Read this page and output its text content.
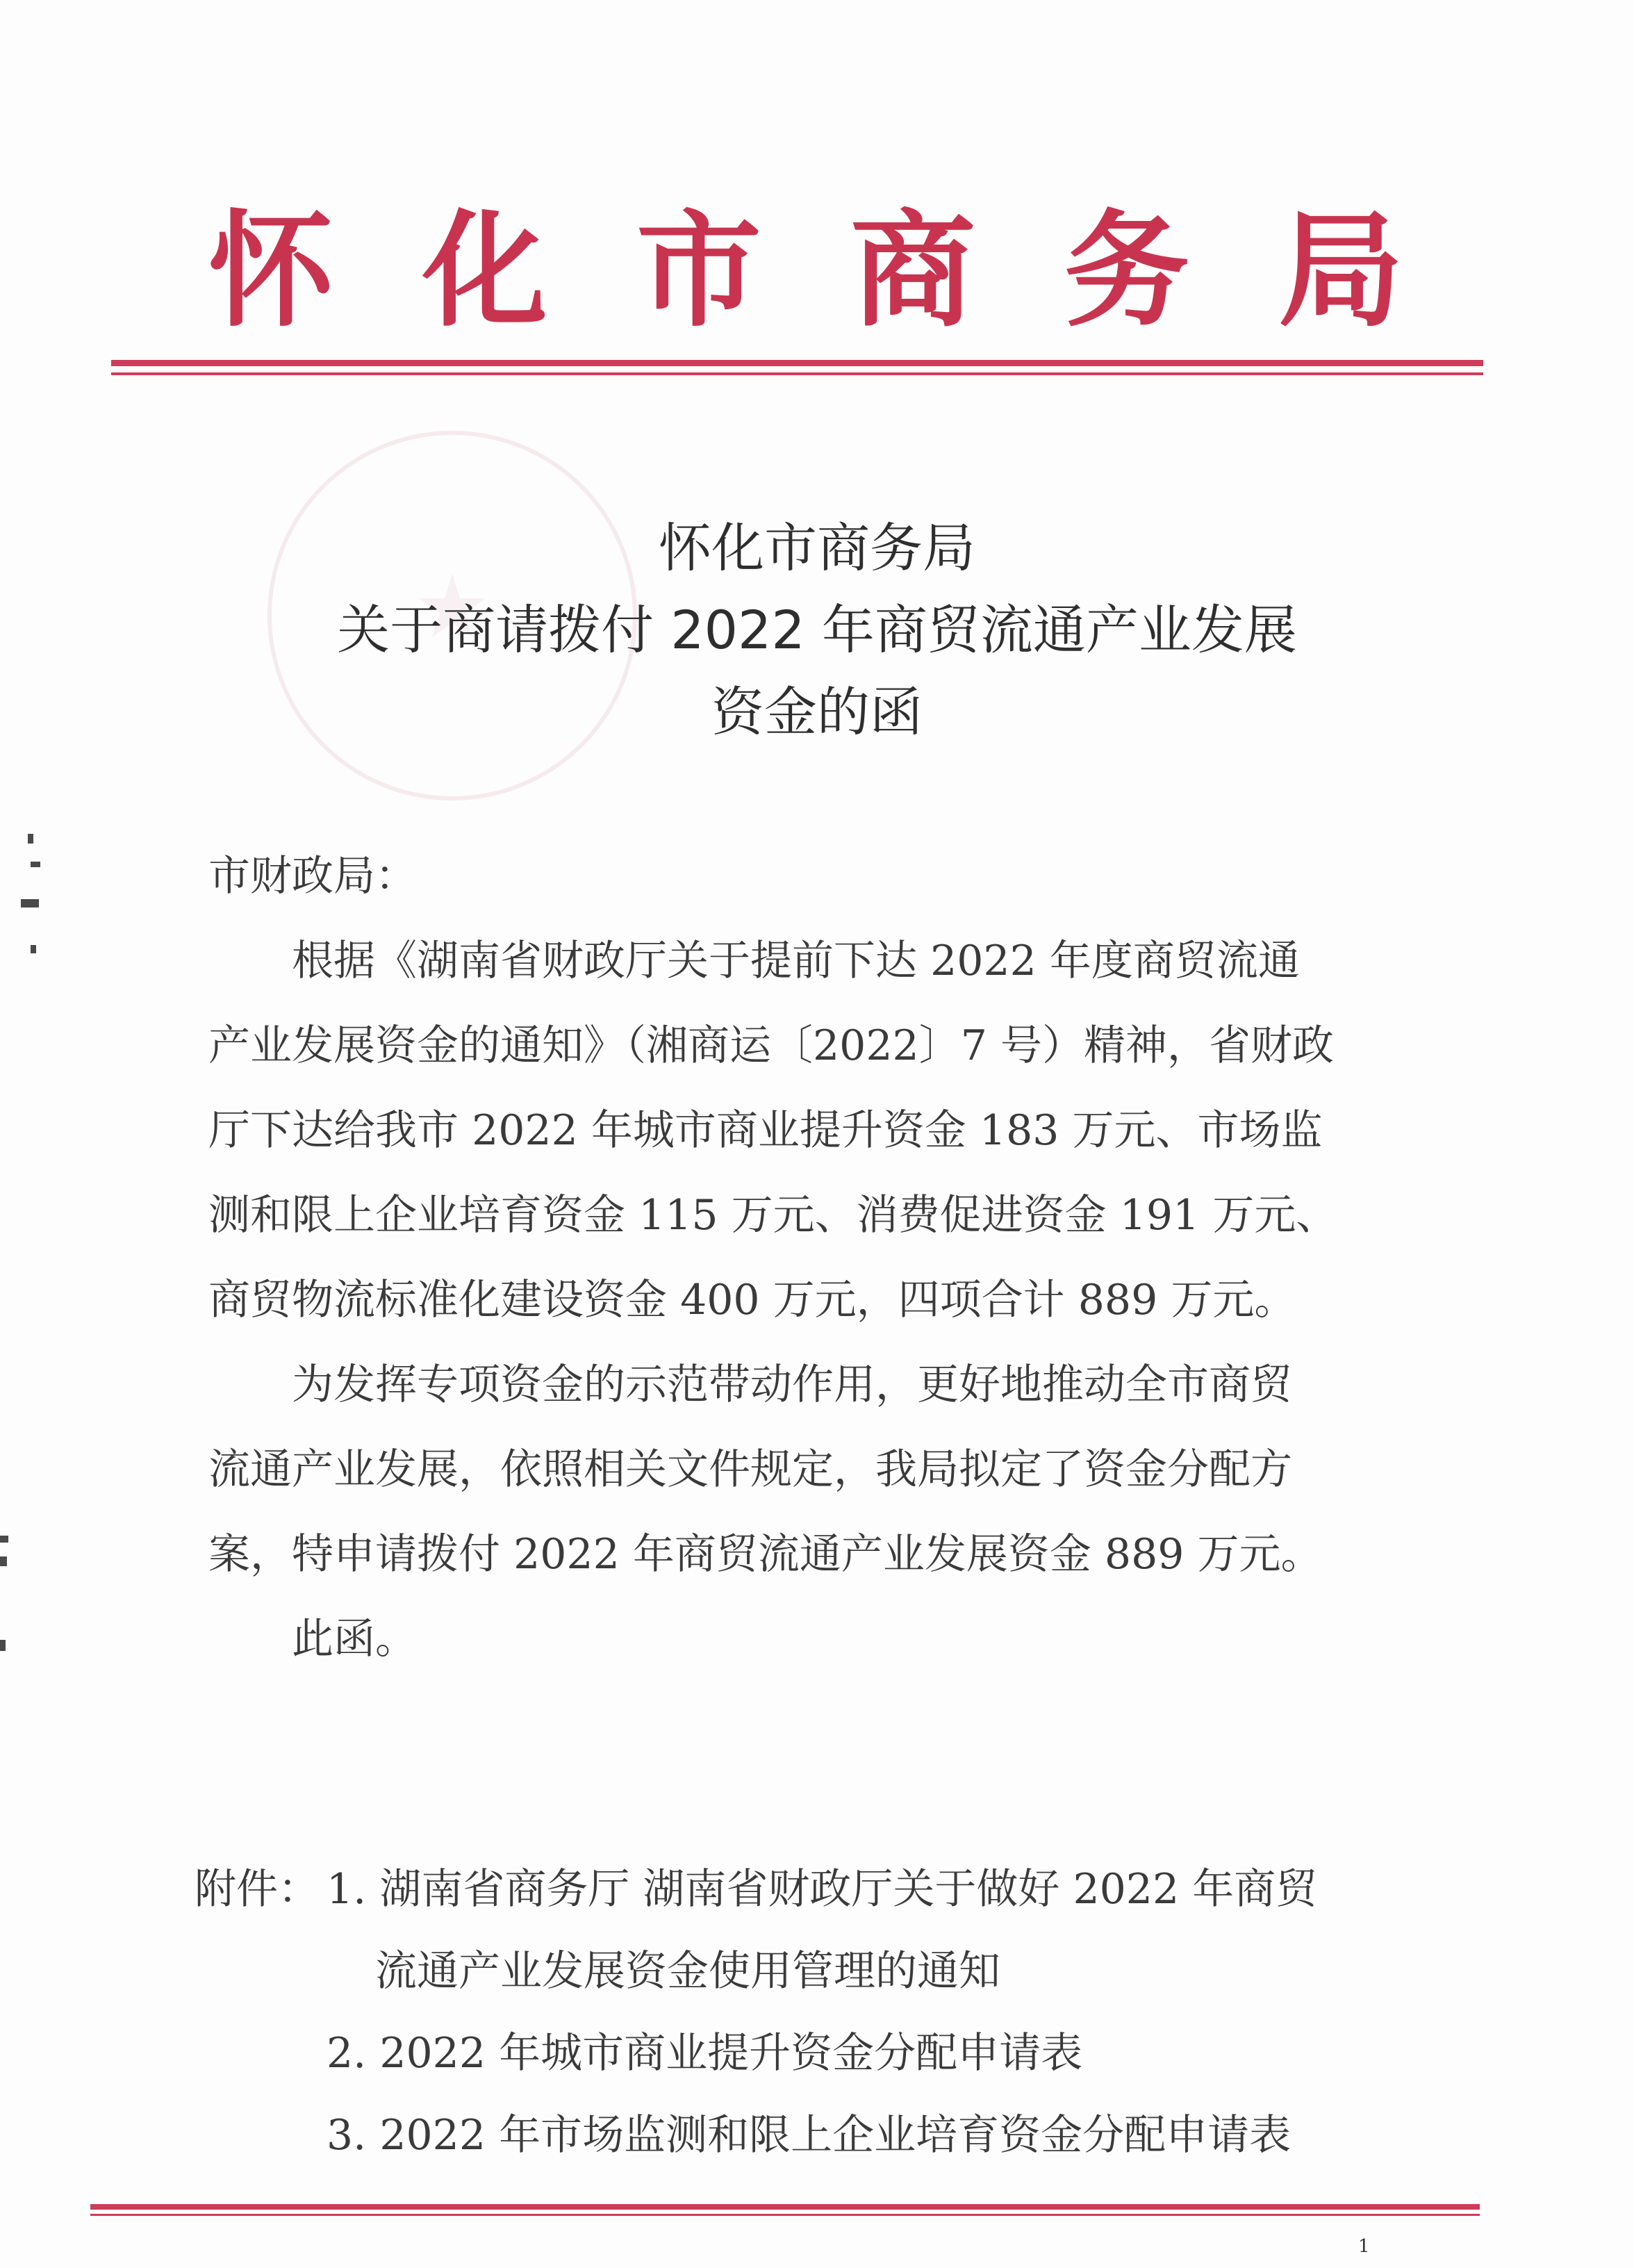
怀 化 市 商 务 局
怀化市商务局
关于商请拨付 2022 年商贸流通产业发展
资金的函
市财政局：
根据《湖南省财政厅关于提前下达 2022 年度商贸流通
产业发展资金的通知》（湘商运〔2022〕7 号）精神，省财政
厅下达给我市 2022 年城市商业提升资金 183 万元、市场监
测和限上企业培育资金 115 万元、消费促进资金 191 万元、
商贸物流标准化建设资金 400 万元，四项合计 889 万元。
为发挥专项资金的示范带动作用，更好地推动全市商贸
流通产业发展，依照相关文件规定，我局拟定了资金分配方
案，特申请拨付 2022 年商贸流通产业发展资金 889 万元。
此函。
附件： 1. 湖南省商务厅 湖南省财政厅关于做好 2022 年商贸
流通产业发展资金使用管理的通知
2. 2022 年城市商业提升资金分配申请表
3. 2022 年市场监测和限上企业培育资金分配申请表
1
